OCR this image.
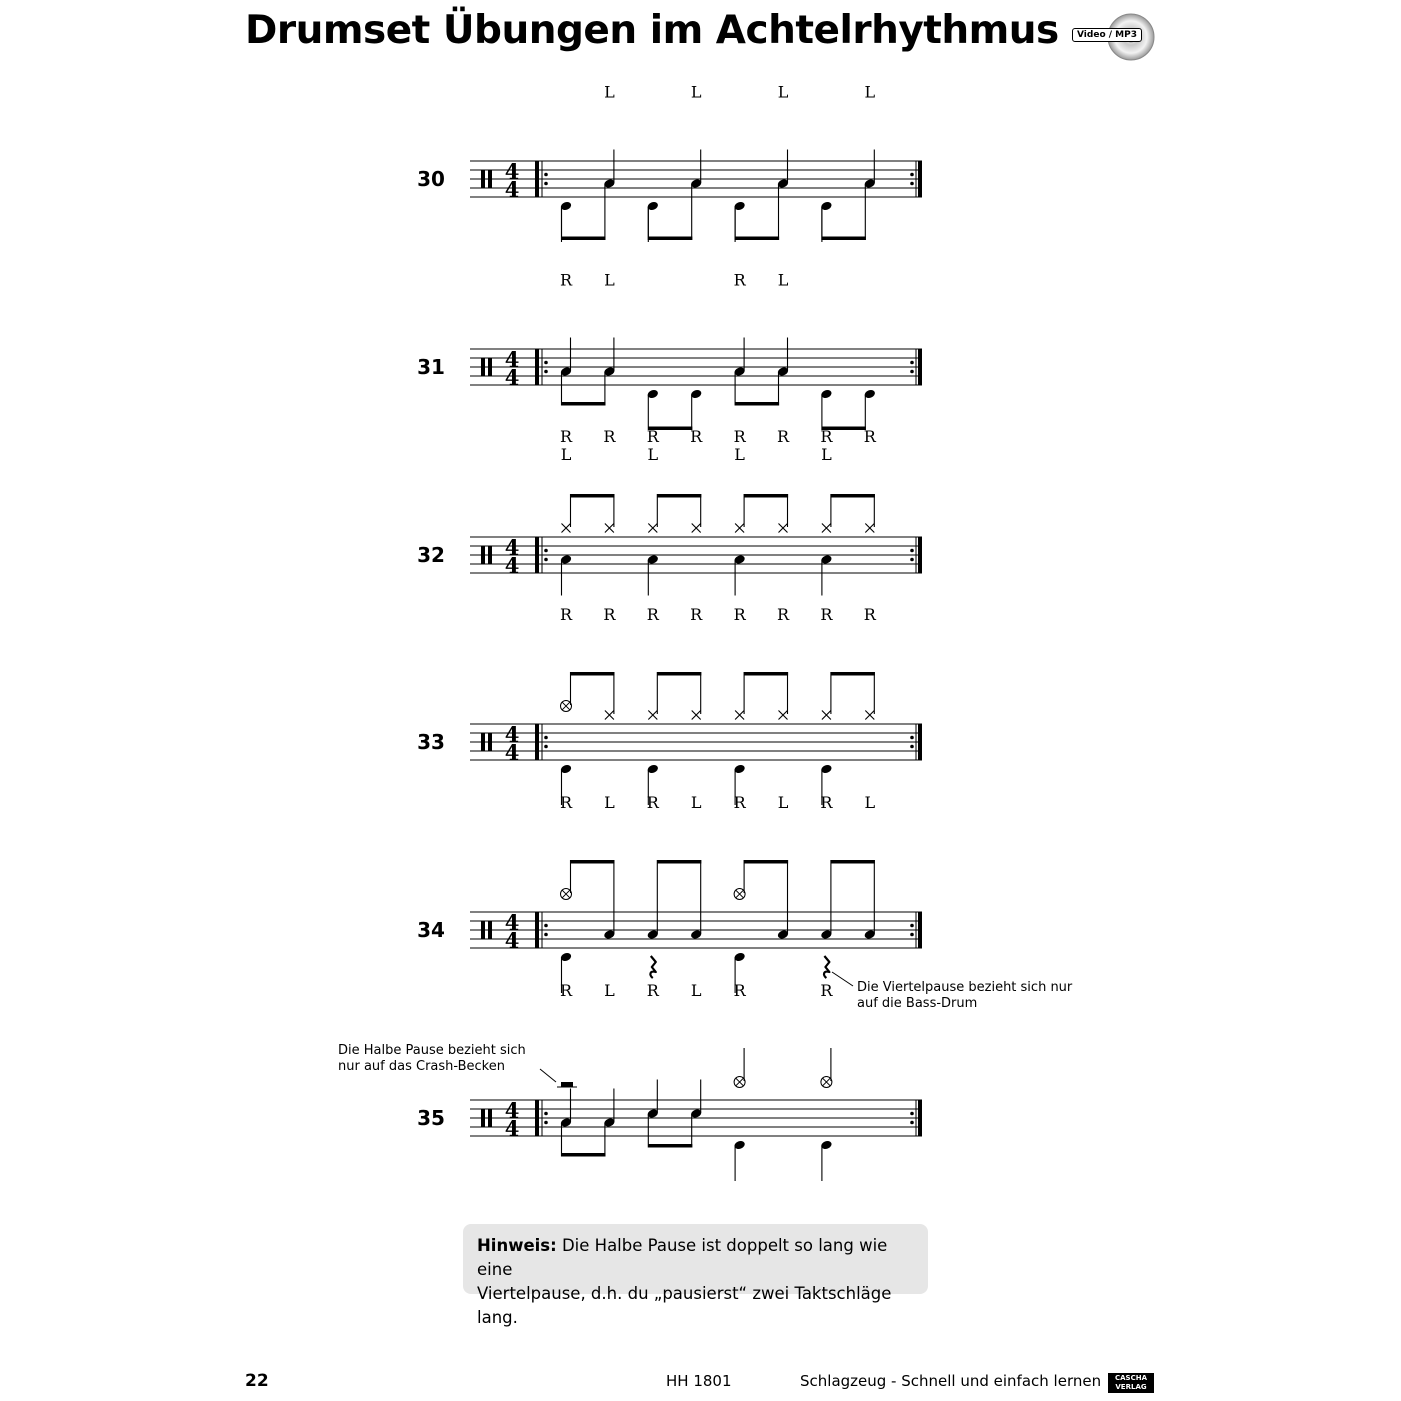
Drumset Übungen im Achtelrhythmus	Video / MP3
30	4
4
L	L	L	L
31	4
4
R L	R L
32	4
4
R
L
R R
L
R R
L
R R
L
R
33	4
4
R R R R R R R R
34	4
4
R L R L R L R L
35	4
4
R L R L R	R Die Viertelpause bezieht sich nur auf die Bass-Drum

Die Halbe Pause bezieht sich nur auf das Crash-Becken

Hinweis: Die Halbe Pause ist doppelt so lang wie eine
Viertelpause, d.h. du „pausierst“ zwei Taktschläge lang.
22	HH 1801	Schlagzeug - Schnell und einfach lernen	CASCHA
VERLAG
